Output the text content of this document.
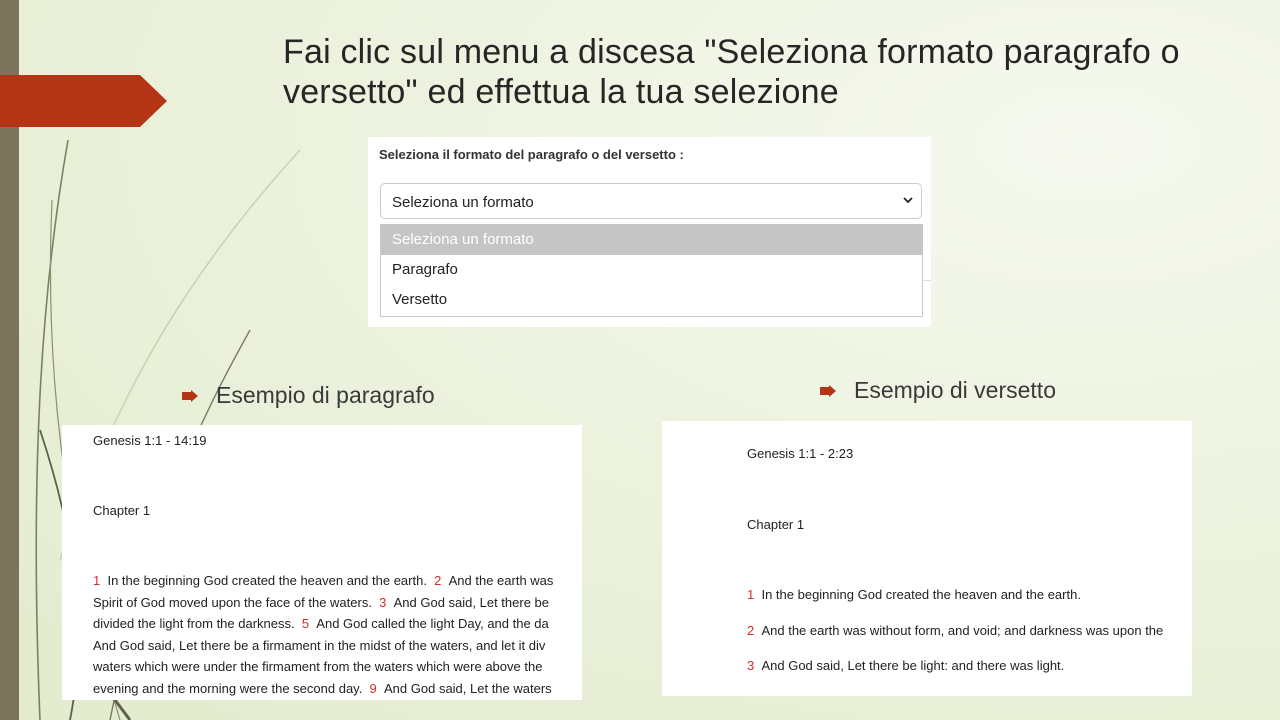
Fai clic sul menu a discesa "Seleziona formato paragrafo o versetto" ed effettua la tua selezione
Seleziona il formato del paragrafo o del versetto :
Seleziona un formato
Seleziona un formato
Paragrafo
Versetto
Esempio di paragrafo	Esempio di versetto
Genesis 1:1 - 14:19
Chapter 1
1  In the beginning God created the heaven and the earth.  2  And the earth was
Spirit of God moved upon the face of the waters.  3  And God said, Let there be
divided the light from the darkness.  5  And God called the light Day, and the da
And God said, Let there be a firmament in the midst of the waters, and let it div
waters which were under the firmament from the waters which were above the
evening and the morning were the second day.  9  And God said, Let the waters
Genesis 1:1 - 2:23
Chapter 1
1  In the beginning God created the heaven and the earth.
2  And the earth was without form, and void; and darkness was upon the
3  And God said, Let there be light: and there was light.
